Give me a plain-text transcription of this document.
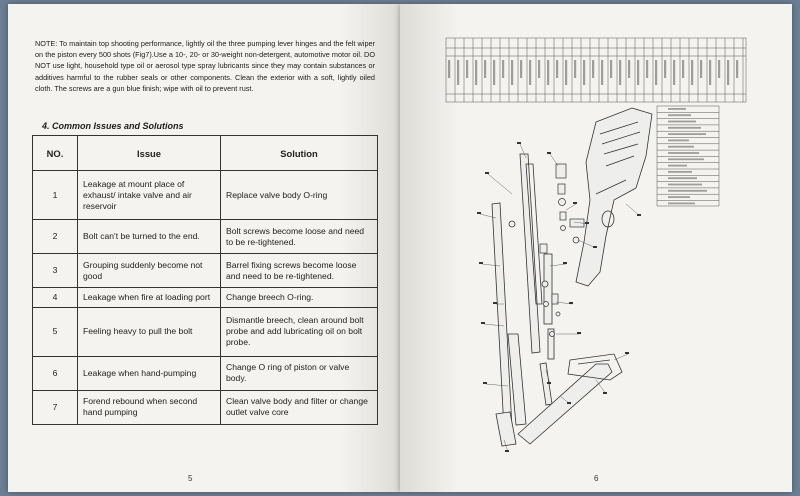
NOTE: To maintain top shooting performance, lightly oil the three pumping lever hinges and the felt wiper on the piston every 500 shots (Fig7).Use a 10-, 20- or 30-weight non-detergent, automotive motor oil. DO NOT use light, household type oil or aerosol type spray lubricants since they may contain substances or additives harmful to the rubber seals or other components. Clean the exterior with a soft, lightly oiled cloth. The screws are a gun blue finish; wipe with oil to prevent rust.
4. Common Issues and Solutions
NO.	Issue	Solution
1	Leakage at mount place of exhaust/ intake valve and air reservoir	Replace valve body O-ring
2	Bolt can't be turned to the end.	Bolt screws become loose and need to be re-tightened.
3	Grouping suddenly become not good	Barrel fixing screws become loose and need to be re-tightened.
4	Leakage when fire at loading port	Change breech O-ring.
5	Feeling heavy to pull the bolt	Dismantle breech, clean around bolt probe and add lubricating oil on bolt probe.
6	Leakage when hand-pumping	Change O ring of piston or valve body.
7	Forend rebound when second hand pumping	Clean valve body and filter or change outlet valve core
5	6
